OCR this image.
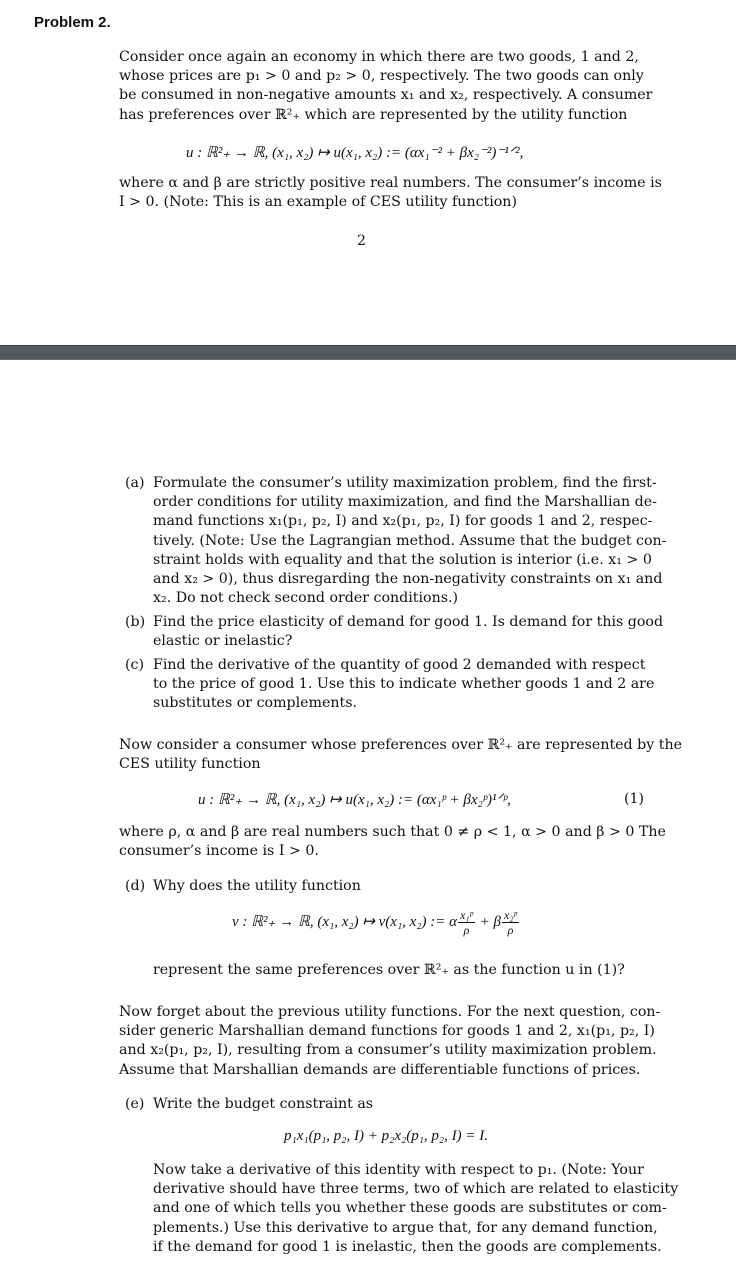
Problem 2.
Consider once again an economy in which there are two goods, 1 and 2,
whose prices are p₁ > 0 and p₂ > 0, respectively. The two goods can only
be consumed in non-negative amounts x₁ and x₂, respectively. A consumer
has preferences over ℝ²₊ which are represented by the utility function
u : ℝ²₊ → ℝ, (x₁, x₂) ↦ u(x₁, x₂) := (αx₁⁻² + βx₂⁻²)⁻¹ᐟ²,
where α and β are strictly positive real numbers. The consumer’s income is
I > 0. (Note: This is an example of CES utility function)
2
(a) Formulate the consumer’s utility maximization problem, find the first-
order conditions for utility maximization, and find the Marshallian de-
mand functions x₁(p₁, p₂, I) and x₂(p₁, p₂, I) for goods 1 and 2, respec-
tively. (Note: Use the Lagrangian method. Assume that the budget con-
straint holds with equality and that the solution is interior (i.e. x₁ > 0
and x₂ > 0), thus disregarding the non-negativity constraints on x₁ and
x₂. Do not check second order conditions.)
(b) Find the price elasticity of demand for good 1. Is demand for this good
elastic or inelastic?
(c) Find the derivative of the quantity of good 2 demanded with respect
to the price of good 1. Use this to indicate whether goods 1 and 2 are
substitutes or complements.
Now consider a consumer whose preferences over ℝ²₊ are represented by the
CES utility function
u : ℝ²₊ → ℝ, (x₁, x₂) ↦ u(x₁, x₂) := (αx₁ᵖ + βx₂ᵖ)¹ᐟᵖ,	(1)
where ρ, α and β are real numbers such that 0 ≠ ρ < 1, α > 0 and β > 0 The
consumer’s income is I > 0.
(d) Why does the utility function
v : ℝ²₊ → ℝ, (x₁, x₂) ↦ v(x₁, x₂) := α $\frac{\text{x₁ᵖ}}{\rho} + \beta \frac{\text{x₂ᵖ}}{\rho}$
represent the same preferences over ℝ²₊ as the function u in (1)?
Now forget about the previous utility functions. For the next question, con-
sider generic Marshallian demand functions for goods 1 and 2, x₁(p₁, p₂, I)
and x₂(p₁, p₂, I), resulting from a consumer’s utility maximization problem.
Assume that Marshallian demands are differentiable functions of prices.
(e) Write the budget constraint as
p₁x₁(p₁, p₂, I) + p₂x₂(p₁, p₂, I) = I.
Now take a derivative of this identity with respect to p₁. (Note: Your
derivative should have three terms, two of which are related to elasticity
and one of which tells you whether these goods are substitutes or com-
plements.) Use this derivative to argue that, for any demand function,
if the demand for good 1 is inelastic, then the goods are complements.
